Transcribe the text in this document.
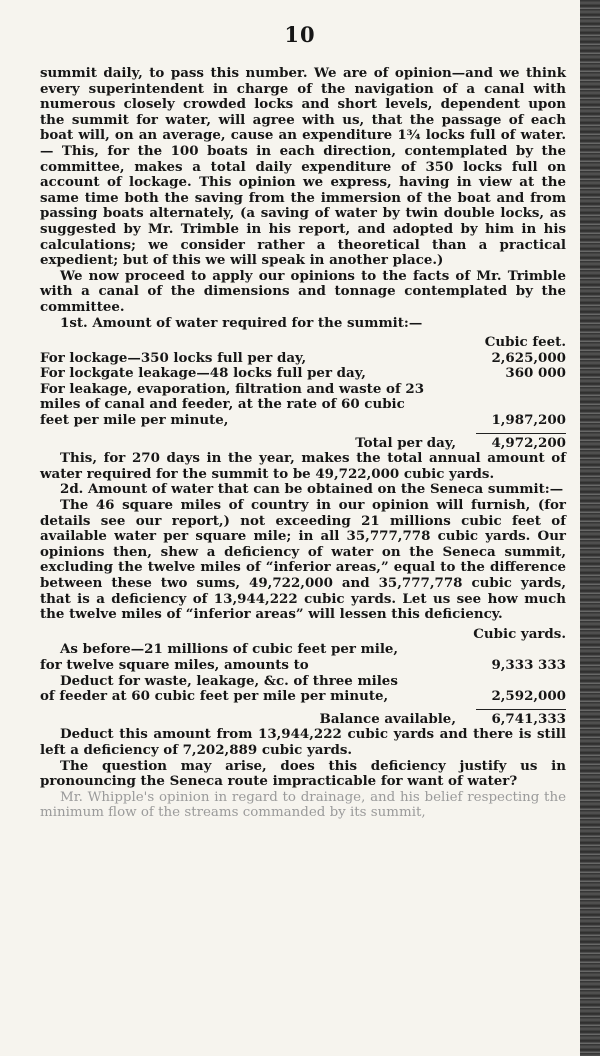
10

summit daily, to pass this number. We are of opinion—and we think every superintendent in charge of the navigation of a canal with numerous closely crowded locks and short levels, dependent upon the summit for water, will agree with us, that the passage of each boat will, on an average, cause an expenditure 1¾ locks full of water.— This, for the 100 boats in each direction, contemplated by the committee, makes a total daily expenditure of 350 locks full on account of lockage. This opinion we express, having in view at the same time both the saving from the immersion of the boat and from passing boats alternately, (a saving of water by twin double locks, as suggested by Mr. Trimble in his report, and adopted by him in his calculations; we consider rather a theoretical than a practical expedient; but of this we will speak in another place.)

We now proceed to apply our opinions to the facts of Mr. Trimble with a canal of the dimensions and tonnage contemplated by the committee.

1st. Amount of water required for the summit:—

Cubic feet.
For lockage—350 locks full per day,	2,625,000
For lockgate leakage—48 locks full per day,	360 000
For leakage, evaporation, filtration and waste of 23 miles of canal and feeder, at the rate of 60 cubic feet per mile per minute,	1,987,200
Total per day,	4,972,200

This, for 270 days in the year, makes the total annual amount of water required for the summit to be 49,722,000 cubic yards.

2d. Amount of water that can be obtained on the Seneca summit:—

The 46 square miles of country in our opinion will furnish, (for details see our report,) not exceeding 21 millions cubic feet of available water per square mile; in all 35,777,778 cubic yards. Our opinions then, shew a deficiency of water on the Seneca summit, excluding the twelve miles of “inferior areas,” equal to the difference between these two sums, 49,722,000 and 35,777,778 cubic yards, that is a deficiency of 13,944,222 cubic yards. Let us see how much the twelve miles of “inferior areas” will lessen this deficiency.

Cubic yards.
As before—21 millions of cubic feet per mile, for twelve square miles, amounts to	9,333 333
Deduct for waste, leakage, &c. of three miles of feeder at 60 cubic feet per mile per minute,	2,592,000
Balance available,	6,741,333

Deduct this amount from 13,944,222 cubic yards and there is still left a deficiency of 7,202,889 cubic yards.

The question may arise, does this deficiency justify us in pronouncing the Seneca route impracticable for want of water?

Mr. Whipple's opinion in regard to drainage, and his belief respecting the minimum flow of the streams commanded by its summit,
